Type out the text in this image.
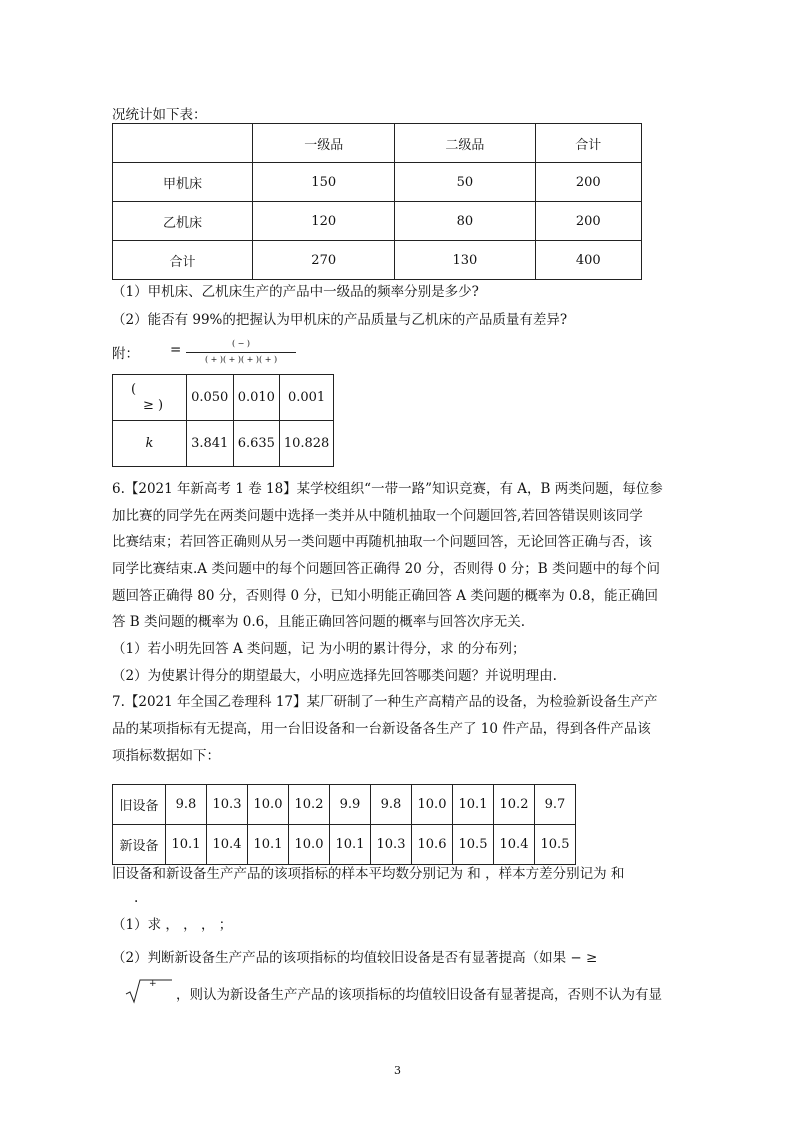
况统计如下表：
	一级品	二级品	合计
甲机床	150	50	200
乙机床	120	80	200
合计	270	130	400
（1）甲机床、乙机床生产的产品中一级品的频率分别是多少?
（2）能否有 99%的把握认为甲机床的产品质量与乙机床的产品质量有差异?
附： =	( − )
( + )( + )( + )( + )
(
≥ )	0.050	0.010	0.001
k	3.841	6.635	10.828
6.【2021 年新高考 1 卷 18】某学校组织“一带一路”知识竞赛，有 A，B 两类问题，每位参
加比赛的同学先在两类问题中选择一类并从中随机抽取一个问题回答,若回答错误则该同学
比赛结束；若回答正确则从另一类问题中再随机抽取一个问题回答，无论回答正确与否，该
同学比赛结束.A 类问题中的每个问题回答正确得 20 分，否则得 0 分；B 类问题中的每个问
题回答正确得 80 分，否则得 0 分，已知小明能正确回答 A 类问题的概率为 0.8，能正确回
答 B 类问题的概率为 0.6，且能正确回答问题的概率与回答次序无关.
（1）若小明先回答 A 类问题，记 为小明的累计得分，求 的分布列；
（2）为使累计得分的期望最大，小明应选择先回答哪类问题？并说明理由.
7.【2021 年全国乙卷理科 17】某厂研制了一种生产高精产品的设备，为检验新设备生产产
品的某项指标有无提高，用一台旧设备和一台新设备各生产了 10 件产品，得到各件产品该
项指标数据如下：
旧设备	9.8	10.3	10.0	10.2	9.9	9.8	10.0	10.1	10.2	9.7
新设备	10.1	10.4	10.1	10.0	10.1	10.3	10.6	10.5	10.4	10.5
旧设备和新设备生产产品的该项指标的样本平均数分别记为 和 ，样本方差分别记为 和
.
（1）求 ， ， ， ；
（2）判断新设备生产产品的该项指标的均值较旧设备是否有显著提高（如果 − ≥
+
，则认为新设备生产产品的该项指标的均值较旧设备有显著提高，否则不认为有显
3
